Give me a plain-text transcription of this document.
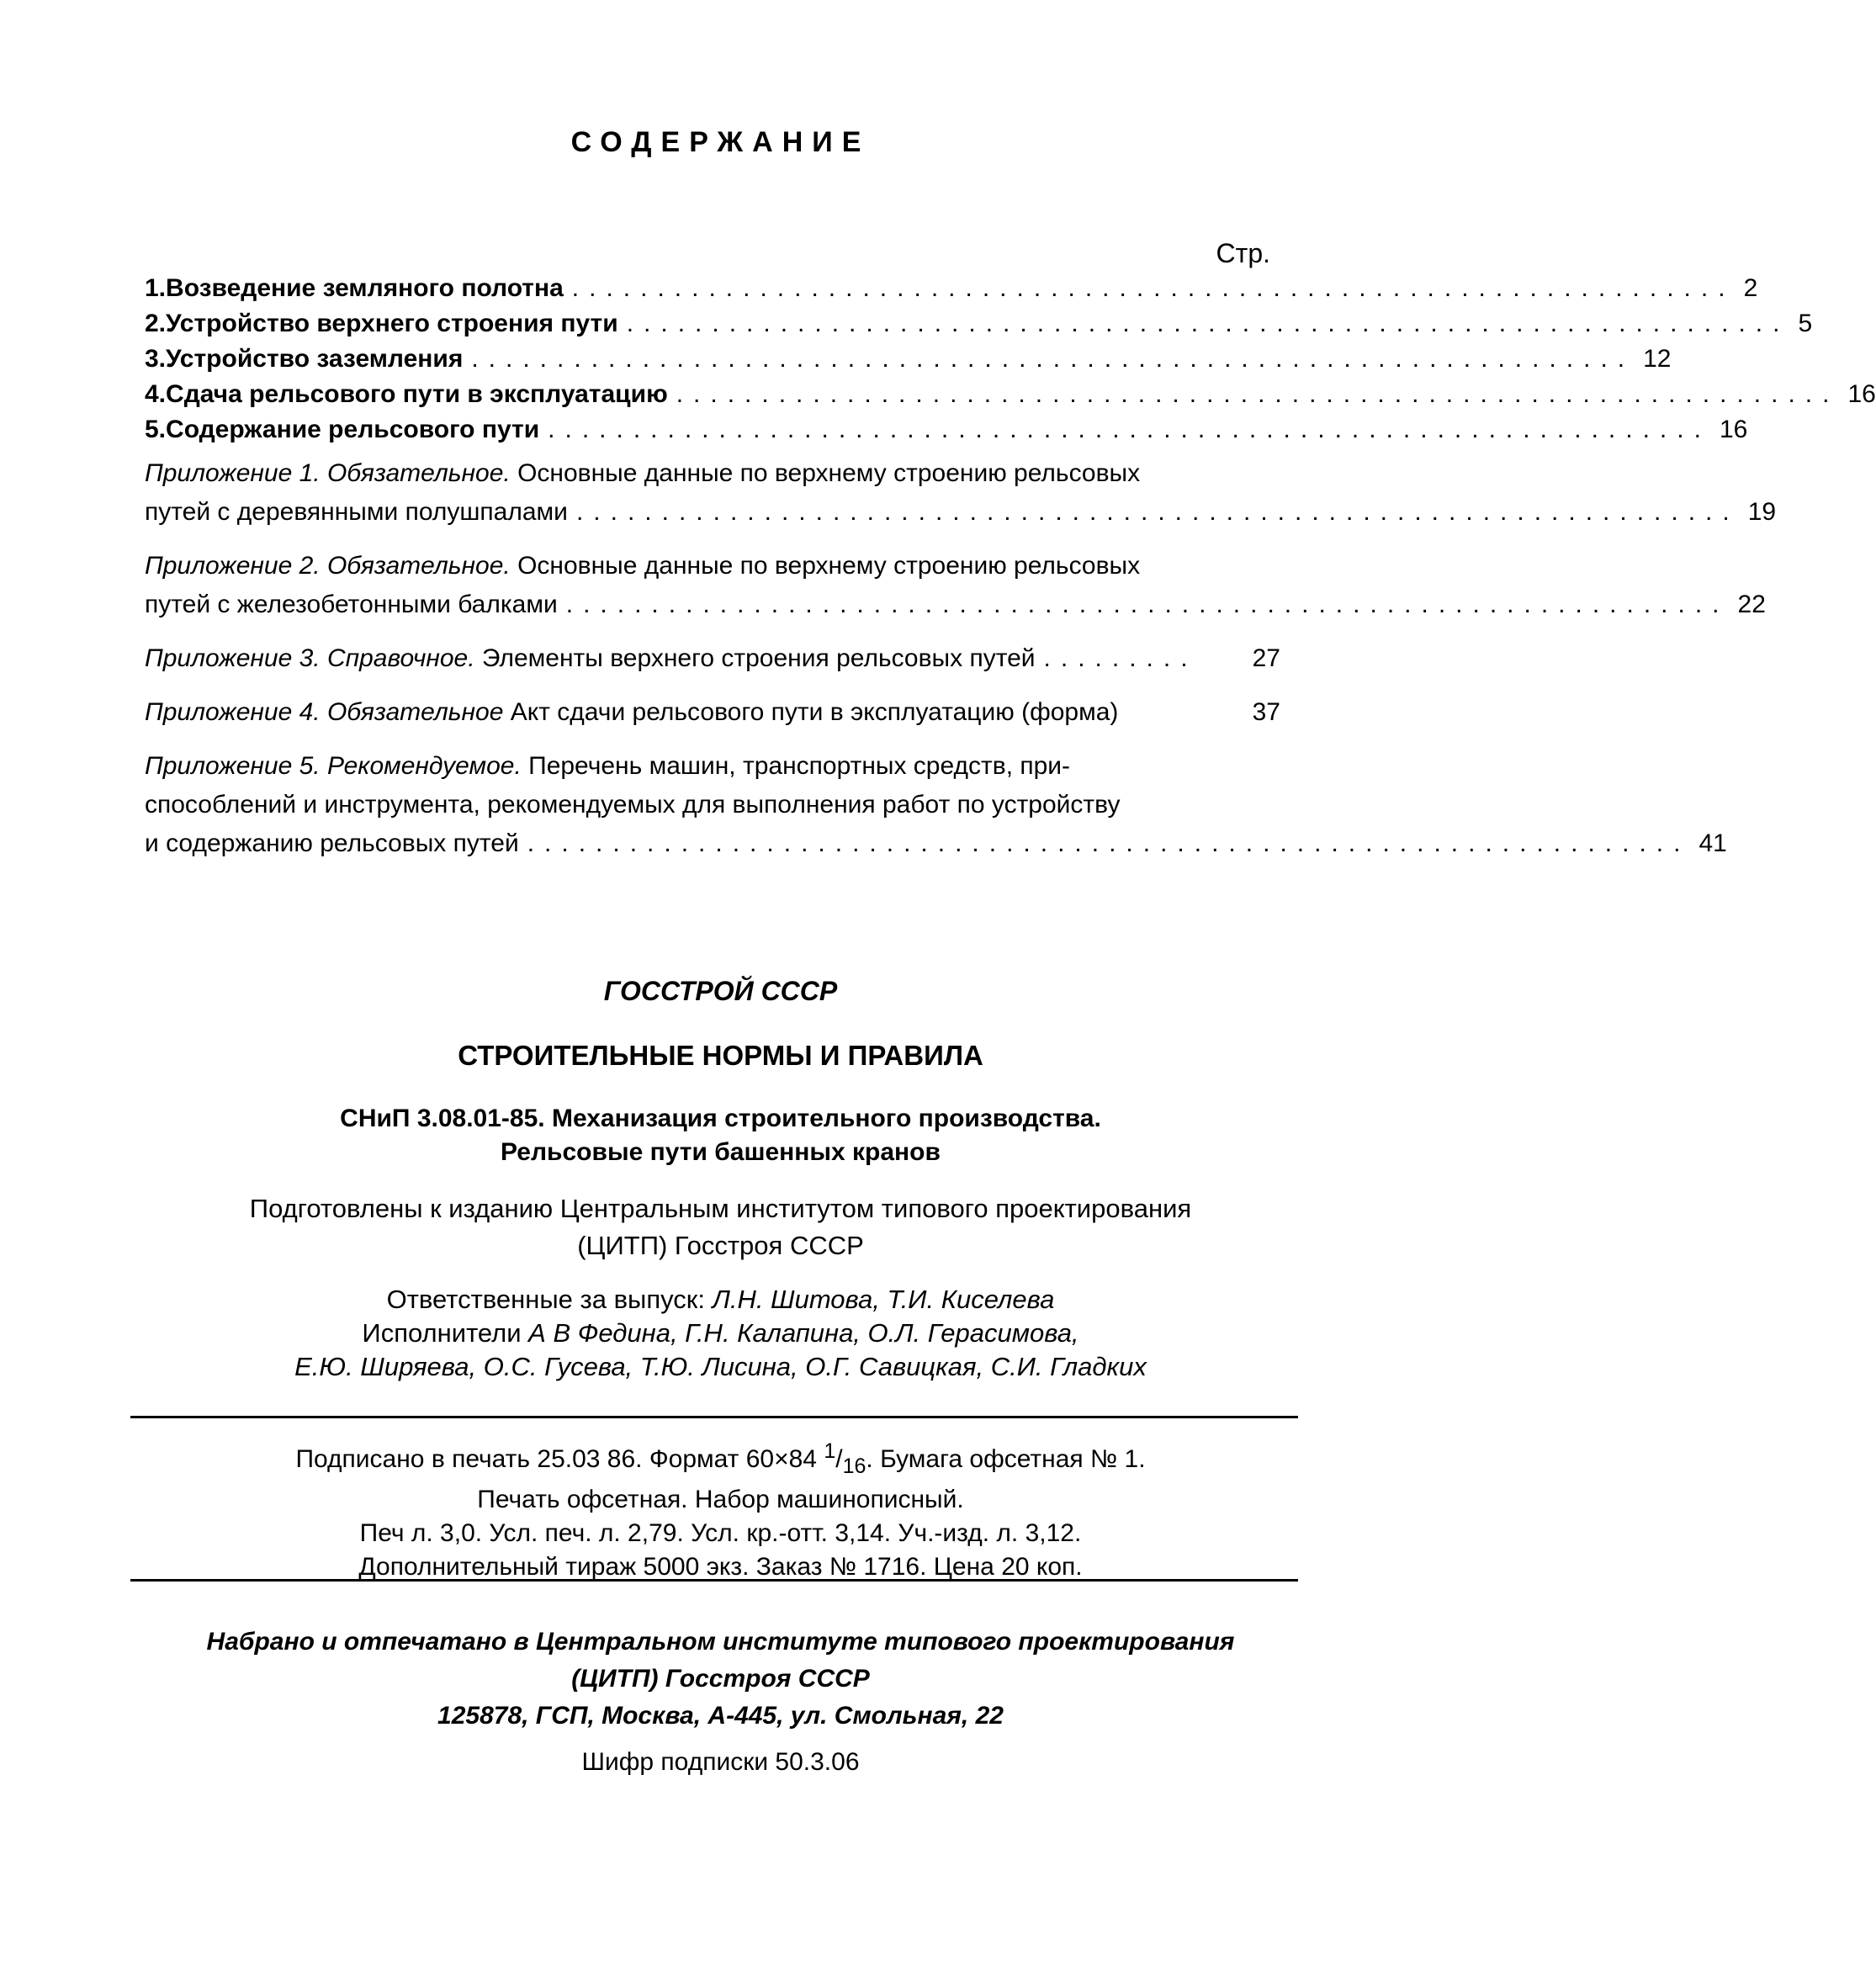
СОДЕРЖАНИЕ
Стр.
1. Возведение земляного полотна .................................................................... 2
2. Устройство верхнего строения пути .................................................................... 5
3. Устройство заземления .................................................................... 12
4. Сдача рельсового пути в эксплуатацию .................................................................... 16
5. Содержание рельсового пути .................................................................... 16
Приложение 1. Обязательное. Основные данные по верхнему строению рельсовых
путей с деревянными полушпалами .................................................................... 19
Приложение 2. Обязательное. Основные данные по верхнему строению рельсовых
путей с железобетонными балками .................................................................... 22
Приложение 3. Справочное. Элементы верхнего строения рельсовых путей .........	27
Приложение 4. Обязательное Акт сдачи рельсового пути в эксплуатацию (форма)	37
Приложение 5. Рекомендуемое. Перечень машин, транспортных средств, при-
способлений и инструмента, рекомендуемых для выполнения работ по устройству
и содержанию рельсовых путей .................................................................... 41
ГОССТРОЙ СССР
СТРОИТЕЛЬНЫЕ НОРМЫ И ПРАВИЛА
СНиП 3.08.01-85. Механизация строительного производства.
Рельсовые пути башенных кранов
Подготовлены к изданию Центральным институтом типового проектирования
(ЦИТП) Госстроя СССР
Ответственные за выпуск: Л.Н. Шитова, Т.И. Киселева
Исполнители А В Федина, Г.Н. Калапина, О.Л. Герасимова,
Е.Ю. Ширяева, О.С. Гусева, Т.Ю. Лисина, О.Г. Савицкая, С.И. Гладких
Подписано в печать 25.03 86. Формат 60×84 $^1/_{16}$. Бумага офсетная № 1.
Печать офсетная. Набор машинописный.
Печ л. 3,0. Усл. печ. л. 2,79. Усл. кр.-отт. 3,14. Уч.-изд. л. 3,12.
Дополнительный тираж 5000 экз. Заказ № 1716. Цена 20 коп.
Набрано и отпечатано в Центральном институте типового проектирования
(ЦИТП) Госстроя СССР
125878, ГСП, Москва, А-445, ул. Смольная, 22
Шифр подписки 50.3.06
